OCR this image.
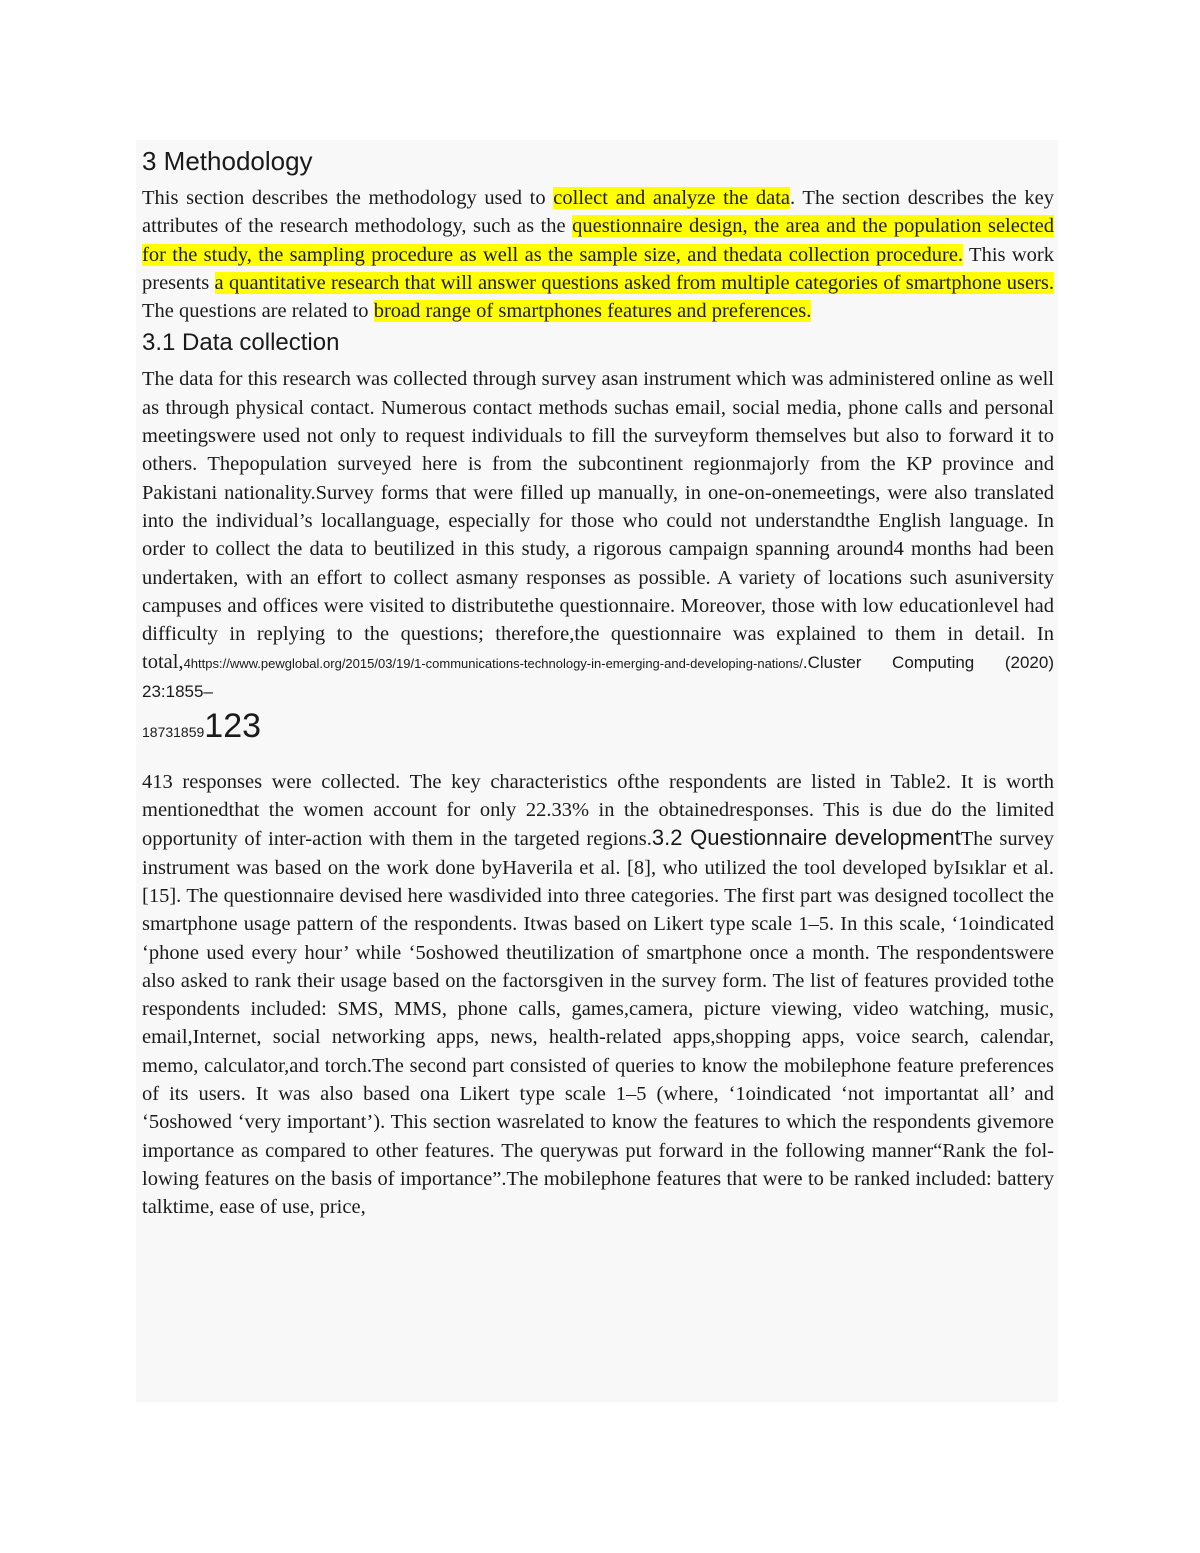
3 Methodology

This section describes the methodology used to collect and analyze the data. The section describes the key attributes of the research methodology, such as the questionnaire design, the area and the population selected for the study, the sampling procedure as well as the sample size, and thedata collection procedure. This work presents a quantitative research that will answer questions asked from multiple categories of smartphone users. The questions are related to broad range of smartphones features and preferences.

3.1 Data collection

The data for this research was collected through survey asan instrument which was administered online as well as through physical contact. Numerous contact methods suchas email, social media, phone calls and personal meetingswere used not only to request individuals to fill the surveyform themselves but also to forward it to others. Thepopulation surveyed here is from the subcontinent regionmajorly from the KP province and Pakistani nationality.Survey forms that were filled up manually, in one-on-onemeetings, were also translated into the individual’s locallanguage, especially for those who could not understandthe English language. In order to collect the data to beutilized in this study, a rigorous campaign spanning around4 months had been undertaken, with an effort to collect asmany responses as possible. A variety of locations such asuniversity campuses and offices were visited to distributethe questionnaire. Moreover, those with low educationlevel had difficulty in replying to the questions; therefore,the questionnaire was explained to them in detail. In total,4https://www.pewglobal.org/2015/03/19/1-communications-technology-in-emerging-and-developing-nations/.Cluster Computing (2020) 23:1855–

18731859123

413 responses were collected. The key characteristics ofthe respondents are listed in Table2. It is worth mentionedthat the women account for only 22.33% in the obtainedresponses. This is due do the limited opportunity of inter-action with them in the targeted regions.3.2 Questionnaire developmentThe survey instrument was based on the work done byHaverila et al. [8], who utilized the tool developed byIsıklar et al. [15]. The questionnaire devised here wasdivided into three categories. The first part was designed tocollect the smartphone usage pattern of the respondents. Itwas based on Likert type scale 1–5. In this scale, ‘1oindicated ‘phone used every hour’ while ‘5oshowed theutilization of smartphone once a month. The respondentswere also asked to rank their usage based on the factorsgiven in the survey form. The list of features provided tothe respondents included: SMS, MMS, phone calls, games,camera, picture viewing, video watching, music, email,Internet, social networking apps, news, health-related apps,shopping apps, voice search, calendar, memo, calculator,and torch.The second part consisted of queries to know the mobilephone feature preferences of its users. It was also based ona Likert type scale 1–5 (where, ‘1oindicated ‘not importantat all’ and ‘5oshowed ‘very important’). This section wasrelated to know the features to which the respondents givemore importance as compared to other features. The querywas put forward in the following manner“Rank the fol-lowing features on the basis of importance”.The mobilephone features that were to be ranked included: battery talktime, ease of use, price,
